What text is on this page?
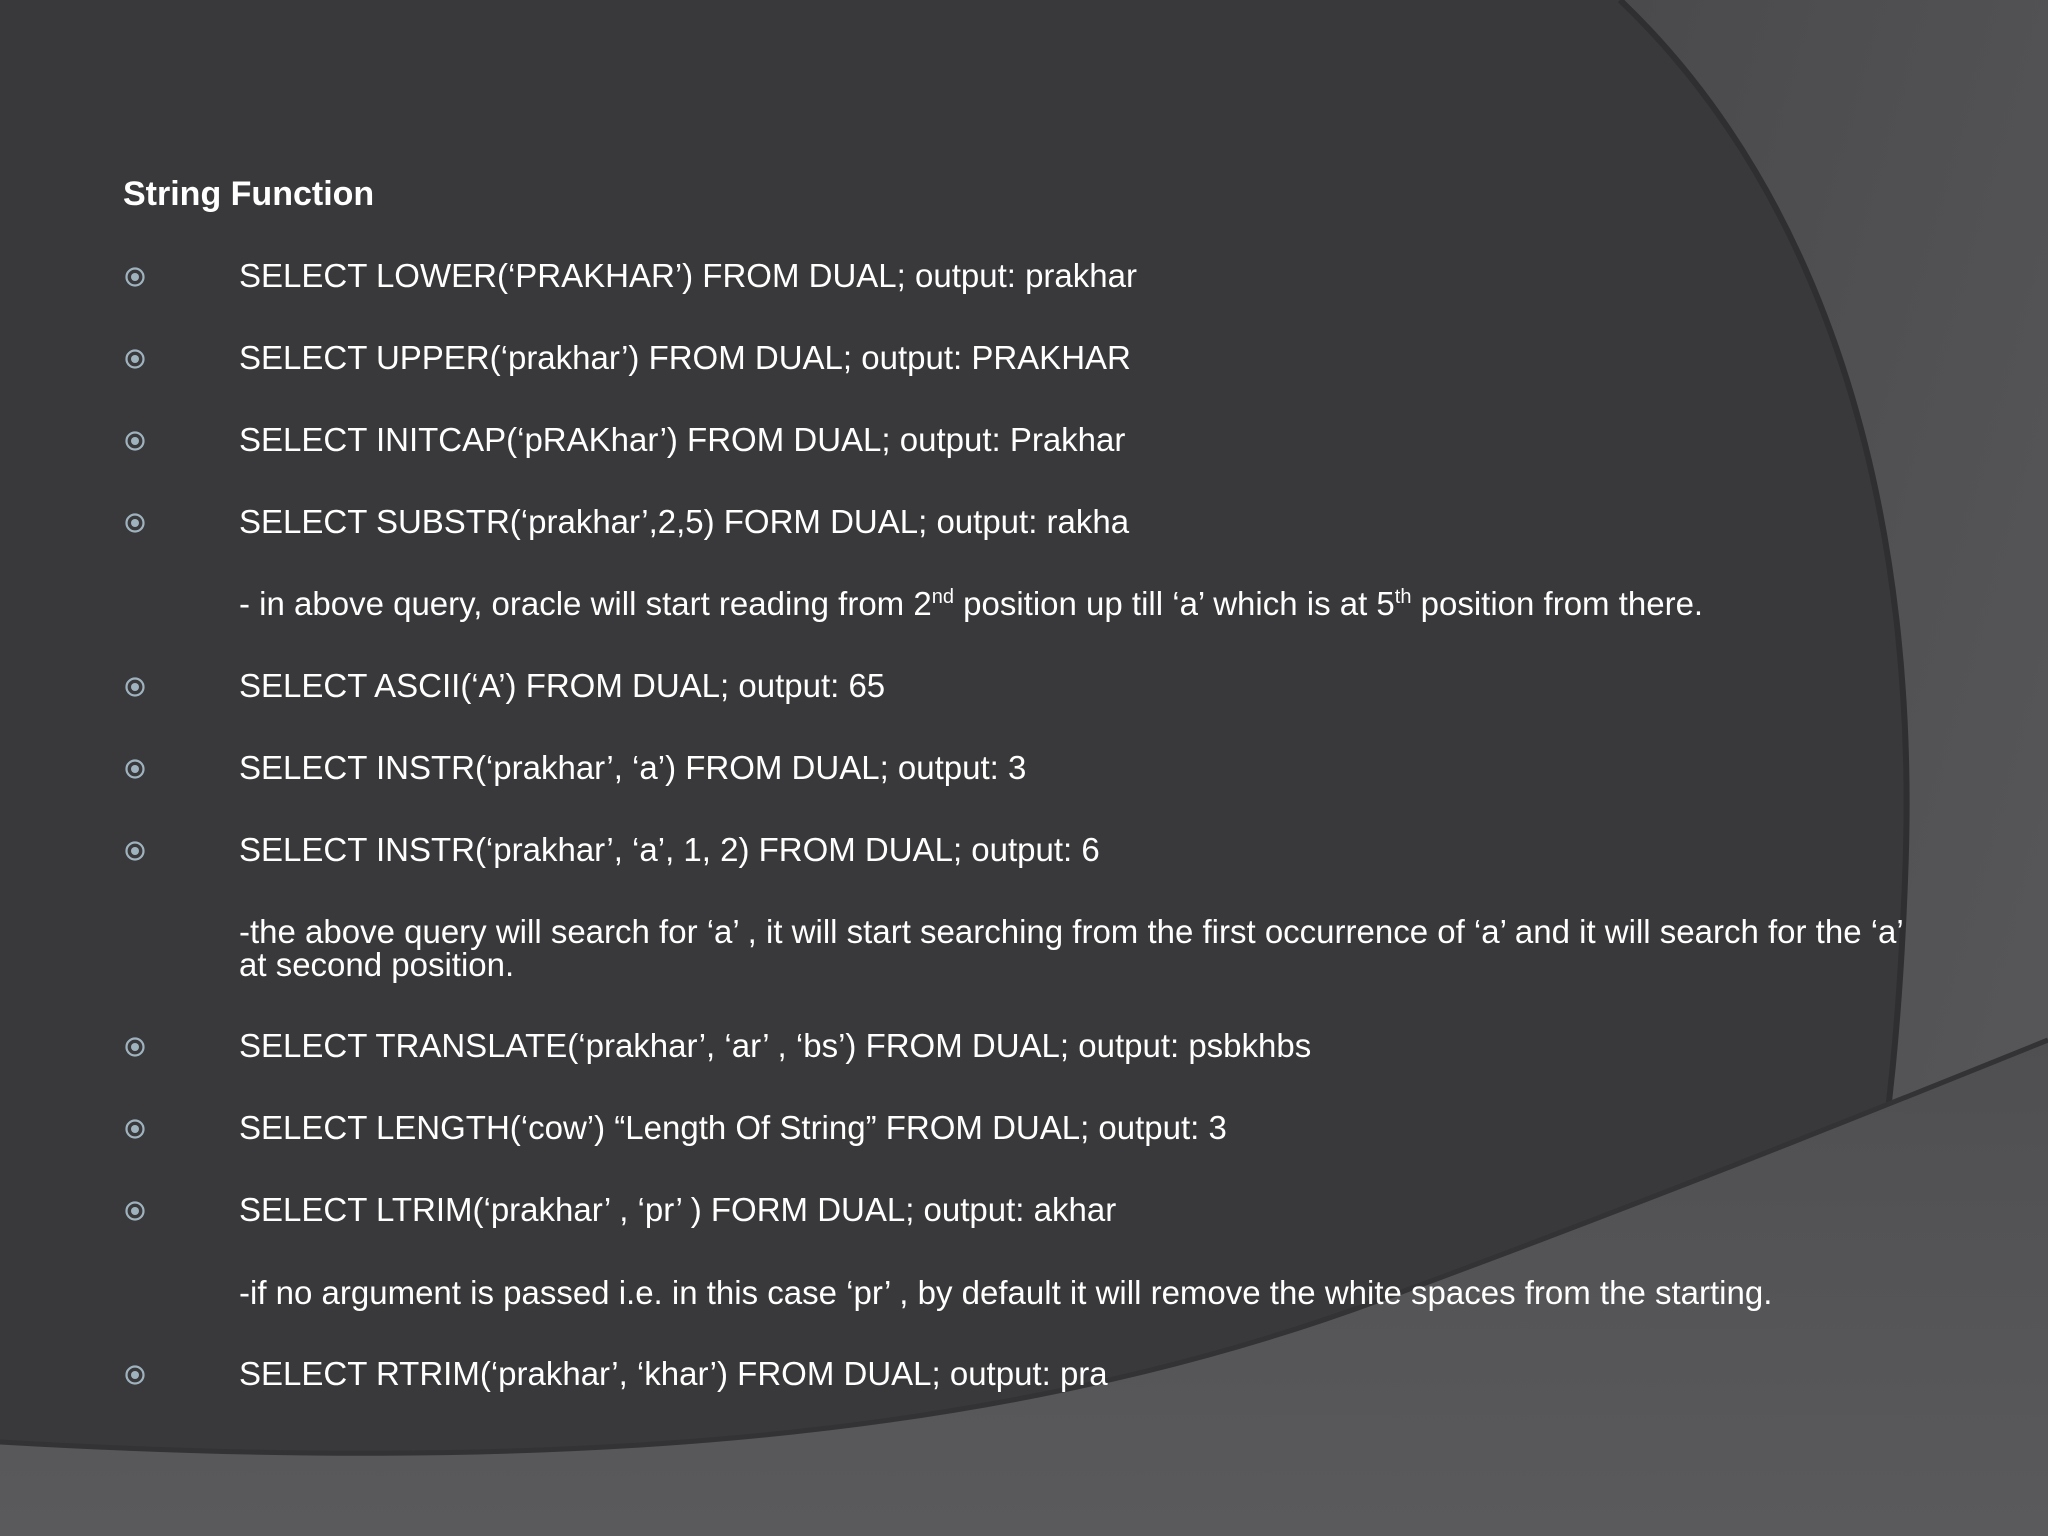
String Function
SELECT LOWER(‘PRAKHAR’) FROM DUAL; output: prakhar
SELECT UPPER(‘prakhar’) FROM DUAL; output: PRAKHAR
SELECT INITCAP(‘pRAKhar’) FROM DUAL; output: Prakhar
SELECT SUBSTR(‘prakhar’,2,5) FORM DUAL; output: rakha
- in above query, oracle will start reading from 2nd position up till ‘a’ which is at 5th position from there.
SELECT ASCII(‘A’) FROM DUAL; output: 65
SELECT INSTR(‘prakhar’, ‘a’) FROM DUAL; output: 3
SELECT INSTR(‘prakhar’, ‘a’, 1, 2) FROM DUAL; output: 6
-the above query will search for ‘a’ , it will start searching from the first occurrence of ‘a’ and it will search for the ‘a’ at second position.
SELECT TRANSLATE(‘prakhar’, ‘ar’ , ‘bs’) FROM DUAL; output: psbkhbs
SELECT LENGTH(‘cow’) “Length Of String” FROM DUAL; output: 3
SELECT LTRIM(‘prakhar’ , ‘pr’ ) FORM DUAL; output: akhar
-if no argument is passed i.e. in this case ‘pr’ , by default it will remove the white spaces from the starting.
SELECT RTRIM(‘prakhar’, ‘khar’) FROM DUAL; output: pra
